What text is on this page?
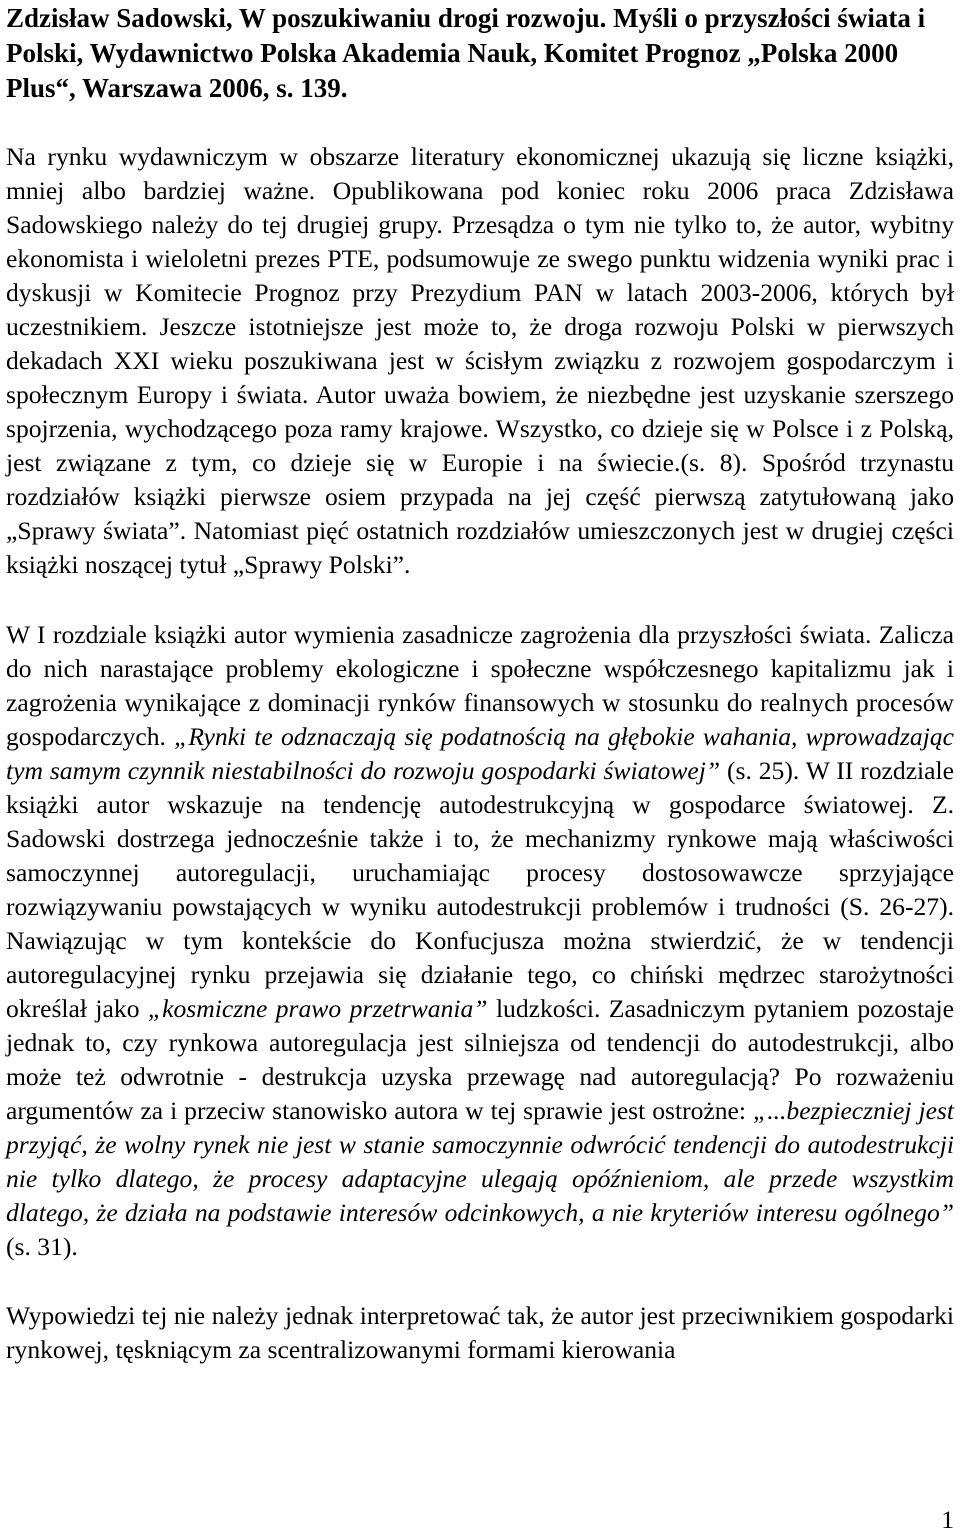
Zdzisław Sadowski, W poszukiwaniu drogi rozwoju. Myśli o przyszłości świata i Polski, Wydawnictwo Polska Akademia Nauk, Komitet Prognoz „Polska 2000 Plus“, Warszawa 2006, s. 139.

Na rynku wydawniczym w obszarze literatury ekonomicznej ukazują się liczne książki, mniej albo bardziej ważne. Opublikowana pod koniec roku 2006 praca Zdzisława Sadowskiego należy do tej drugiej grupy. Przesądza o tym nie tylko to, że autor, wybitny ekonomista i wieloletni prezes PTE, podsumowuje ze swego punktu widzenia wyniki prac i dyskusji w Komitecie Prognoz przy Prezydium PAN w latach 2003-2006, których był uczestnikiem. Jeszcze istotniejsze jest może to, że droga rozwoju Polski w pierwszych dekadach XXI wieku poszukiwana jest w ścisłym związku z rozwojem gospodarczym i społecznym Europy i świata. Autor uważa bowiem, że niezbędne jest uzyskanie szerszego spojrzenia, wychodzącego poza ramy krajowe. Wszystko, co dzieje się w Polsce i z Polską, jest związane z tym, co dzieje się w Europie i na świecie.(s. 8). Spośród trzynastu rozdziałów książki pierwsze osiem przypada na jej część pierwszą zatytułowaną jako „Sprawy świata”. Natomiast pięć ostatnich rozdziałów umieszczonych jest w drugiej części książki noszącej tytuł „Sprawy Polski”.

W I rozdziale książki autor wymienia zasadnicze zagrożenia dla przyszłości świata. Zalicza do nich narastające problemy ekologiczne i społeczne współczesnego kapitalizmu jak i zagrożenia wynikające z dominacji rynków finansowych w stosunku do realnych procesów gospodarczych. „Rynki te odznaczają się podatnością na głębokie wahania, wprowadzając tym samym czynnik niestabilności do rozwoju gospodarki światowej” (s. 25). W II rozdziale książki autor wskazuje na tendencję autodestrukcyjną w gospodarce światowej. Z. Sadowski dostrzega jednocześnie także i to, że mechanizmy rynkowe mają właściwości samoczynnej autoregulacji, uruchamiając procesy dostosowawcze sprzyjające rozwiązywaniu powstających w wyniku autodestrukcji problemów i trudności (S. 26-27). Nawiązując w tym kontekście do Konfucjusza można stwierdzić, że w tendencji autoregulacyjnej rynku przejawia się działanie tego, co chiński mędrzec starożytności określał jako „kosmiczne prawo przetrwania” ludzkości. Zasadniczym pytaniem pozostaje jednak to, czy rynkowa autoregulacja jest silniejsza od tendencji do autodestrukcji, albo może też odwrotnie - destrukcja uzyska przewagę nad autoregulacją? Po rozważeniu argumentów za i przeciw stanowisko autora w tej sprawie jest ostrożne: „...bezpieczniej jest przyjąć, że wolny rynek nie jest w stanie samoczynnie odwrócić tendencji do autodestrukcji nie tylko dlatego, że procesy adaptacyjne ulegają opóźnieniom, ale przede wszystkim dlatego, że działa na podstawie interesów odcinkowych, a nie kryteriów interesu ogólnego” (s. 31).

Wypowiedzi tej nie należy jednak interpretować tak, że autor jest przeciwnikiem gospodarki rynkowej, tęskniącym za scentralizowanymi formami kierowania

1
